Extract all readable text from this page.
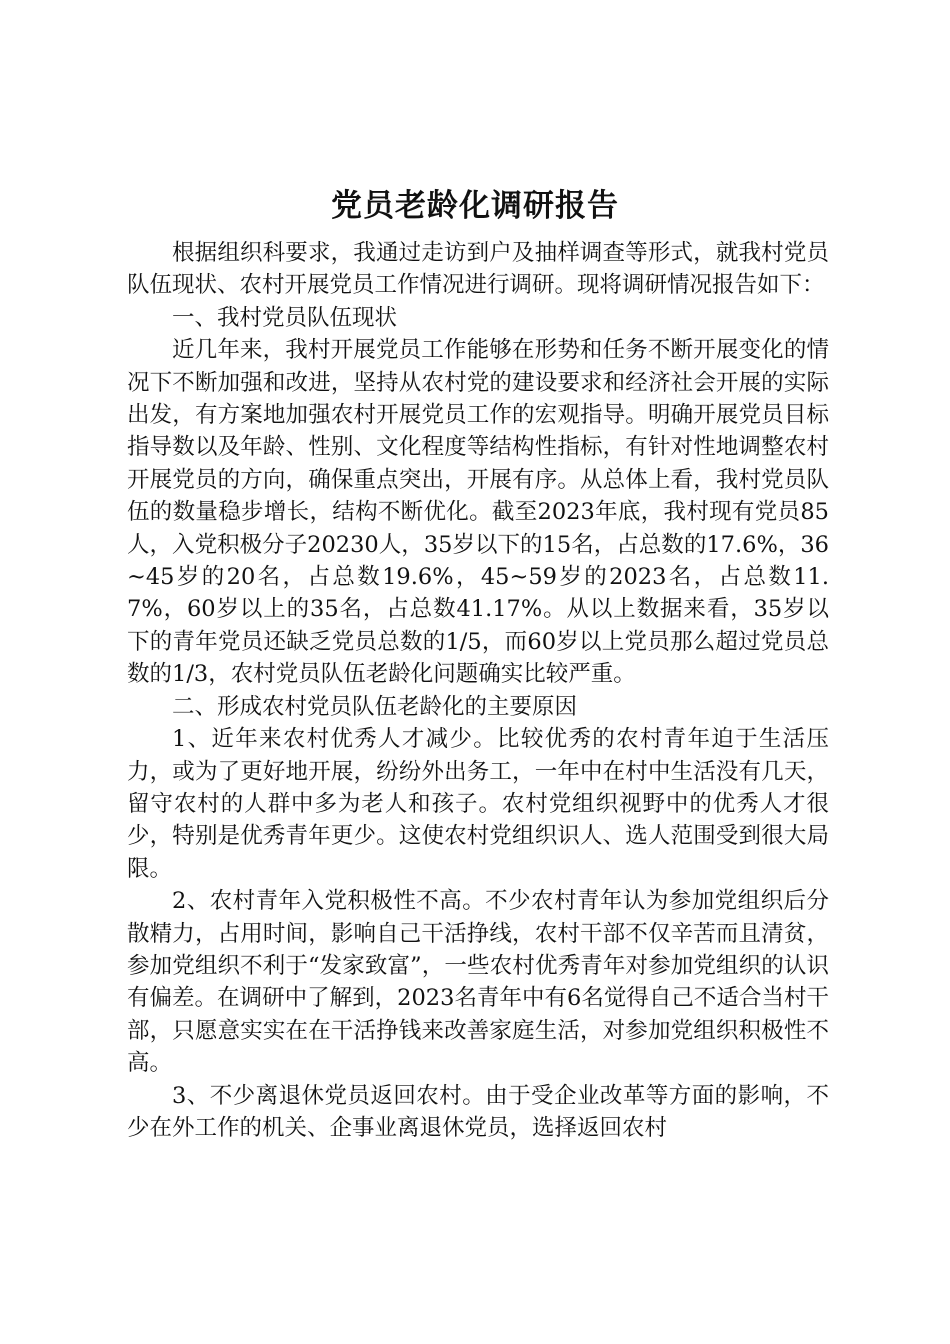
党员老龄化调研报告

根据组织科要求，我通过走访到户及抽样调查等形式，就我村党员队伍现状、农村开展党员工作情况进行调研。现将调研情况报告如下：

一、我村党员队伍现状

近几年来，我村开展党员工作能够在形势和任务不断开展变化的情况下不断加强和改进，坚持从农村党的建设要求和经济社会开展的实际出发，有方案地加强农村开展党员工作的宏观指导。明确开展党员目标指导数以及年龄、性别、文化程度等结构性指标，有针对性地调整农村开展党员的方向，确保重点突出，开展有序。从总体上看，我村党员队伍的数量稳步增长，结构不断优化。截至2023年底，我村现有党员85人，入党积极分子20230人，35岁以下的15名，占总数的17.6%，36~45岁的20名，占总数19.6%，45~59岁的2023名，占总数11.7%，60岁以上的35名，占总数41.17%。从以上数据来看，35岁以下的青年党员还缺乏党员总数的1/5，而60岁以上党员那么超过党员总数的1/3，农村党员队伍老龄化问题确实比较严重。

二、形成农村党员队伍老龄化的主要原因

1、近年来农村优秀人才减少。比较优秀的农村青年迫于生活压力，或为了更好地开展，纷纷外出务工，一年中在村中生活没有几天，留守农村的人群中多为老人和孩子。农村党组织视野中的优秀人才很少，特别是优秀青年更少。这使农村党组织识人、选人范围受到很大局限。

2、农村青年入党积极性不高。不少农村青年认为参加党组织后分散精力，占用时间，影响自己干活挣线，农村干部不仅辛苦而且清贫，参加党组织不利于“发家致富”，一些农村优秀青年对参加党组织的认识有偏差。在调研中了解到，2023名青年中有6名觉得自己不适合当村干部，只愿意实实在在干活挣钱来改善家庭生活，对参加党组织积极性不高。

3、不少离退休党员返回农村。由于受企业改革等方面的影响，不少在外工作的机关、企事业离退休党员，选择返回农村
